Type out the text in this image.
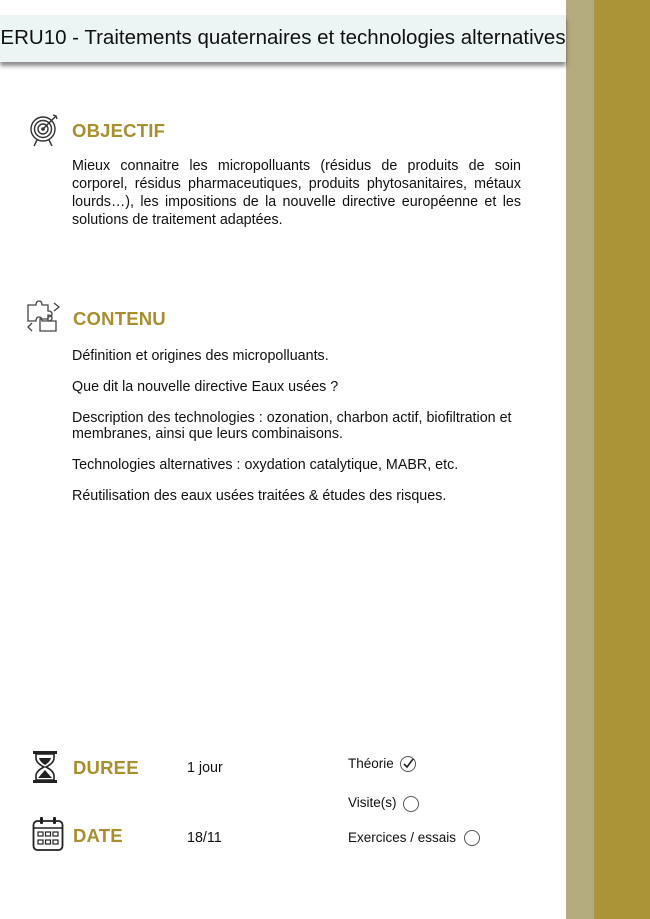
ERU10 - Traitements quaternaires et technologies alternatives
OBJECTIF
Mieux connaitre les micropolluants (résidus de produits de soin corporel, résidus pharmaceutiques, produits phytosanitaires, métaux lourds…), les impositions de la nouvelle directive européenne et les solutions de traitement adaptées.
CONTENU
Définition et origines des micropolluants.
Que dit la nouvelle directive Eaux usées ?
Description des technologies : ozonation, charbon actif, biofiltration et membranes, ainsi que leurs combinaisons.
Technologies alternatives : oxydation catalytique, MABR, etc.
Réutilisation des eaux usées traitées & études des risques.
DUREE	1 jour
DATE	18/11
Théorie
Visite(s)
Exercices / essais
